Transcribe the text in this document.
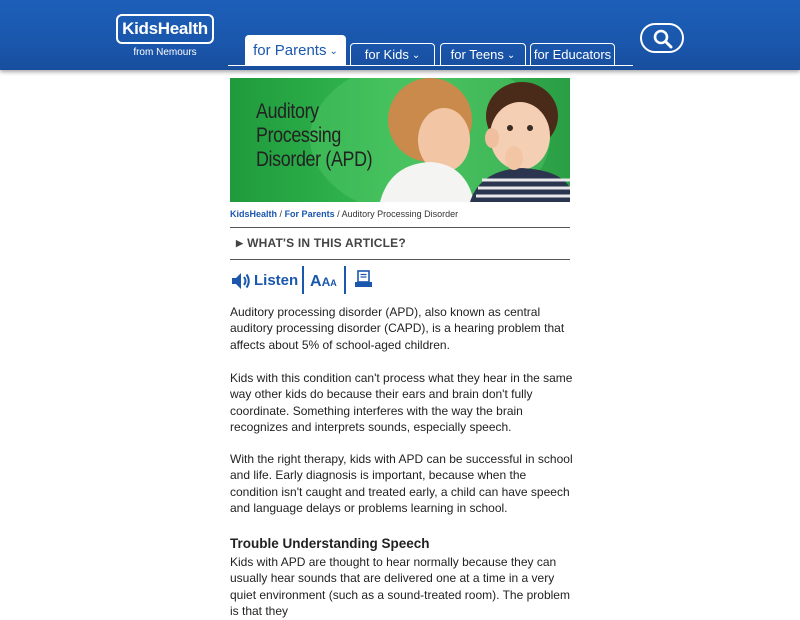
KidsHealth
from Nemours	for Parents ⌄	for Kids ⌄	for Teens ⌄	for Educators
Auditory
Processing
Disorder (APD)
KidsHealth / For Parents / Auditory Processing Disorder
▶ WHAT'S IN THIS ARTICLE?
Listen AAA
Auditory processing disorder (APD), also known as central auditory processing disorder (CAPD), is a hearing problem that affects about 5% of school-aged children.
Kids with this condition can't process what they hear in the same way other kids do because their ears and brain don't fully coordinate. Something interferes with the way the brain recognizes and interprets sounds, especially speech.
With the right therapy, kids with APD can be successful in school and life. Early diagnosis is important, because when the condition isn't caught and treated early, a child can have speech and language delays or problems learning in school.
Trouble Understanding Speech
Kids with APD are thought to hear normally because they can usually hear sounds that are delivered one at a time in a very quiet environment (such as a sound-treated room). The problem is that they
